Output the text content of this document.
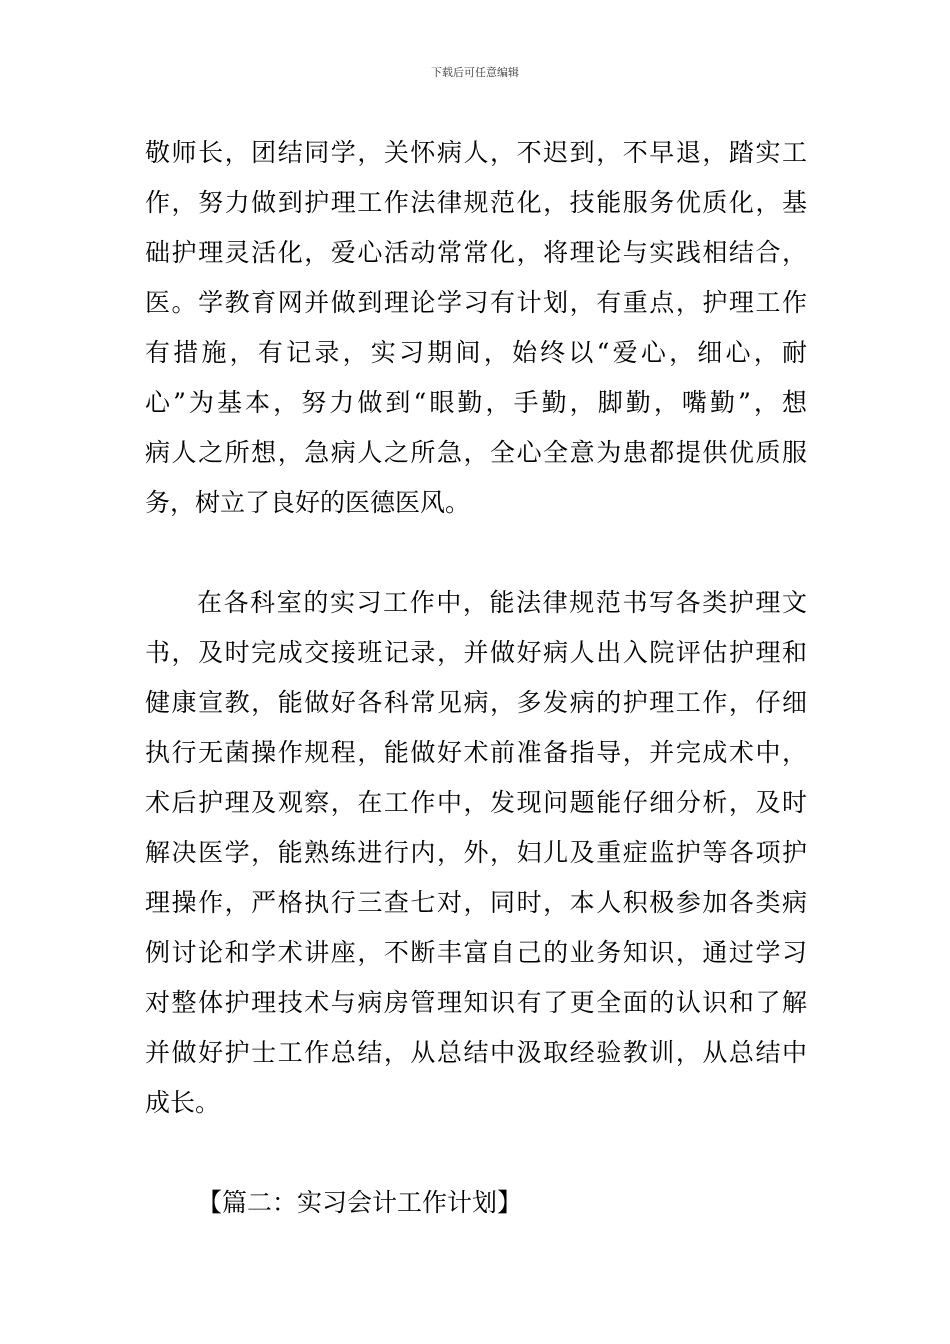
下载后可任意编辑
敬师长，团结同学，关怀病人，不迟到，不早退，踏实工
作，努力做到护理工作法律规范化，技能服务优质化，基
础护理灵活化，爱心活动常常化，将理论与实践相结合，
医。学教育网并做到理论学习有计划，有重点，护理工作
有措施，有记录，实习期间，始终以“爱心，细心，耐
心”为基本，努力做到“眼勤，手勤，脚勤，嘴勤”，想
病人之所想，急病人之所急，全心全意为患都提供优质服
务，树立了良好的医德医风。
在各科室的实习工作中，能法律规范书写各类护理文
书，及时完成交接班记录，并做好病人出入院评估护理和
健康宣教，能做好各科常见病，多发病的护理工作，仔细
执行无菌操作规程，能做好术前准备指导，并完成术中，
术后护理及观察，在工作中，发现问题能仔细分析，及时
解决医学，能熟练进行内，外，妇儿及重症监护等各项护
理操作，严格执行三查七对，同时，本人积极参加各类病
例讨论和学术讲座，不断丰富自己的业务知识，通过学习
对整体护理技术与病房管理知识有了更全面的认识和了解
并做好护士工作总结，从总结中汲取经验教训，从总结中
成长。
【篇二：实习会计工作计划】
